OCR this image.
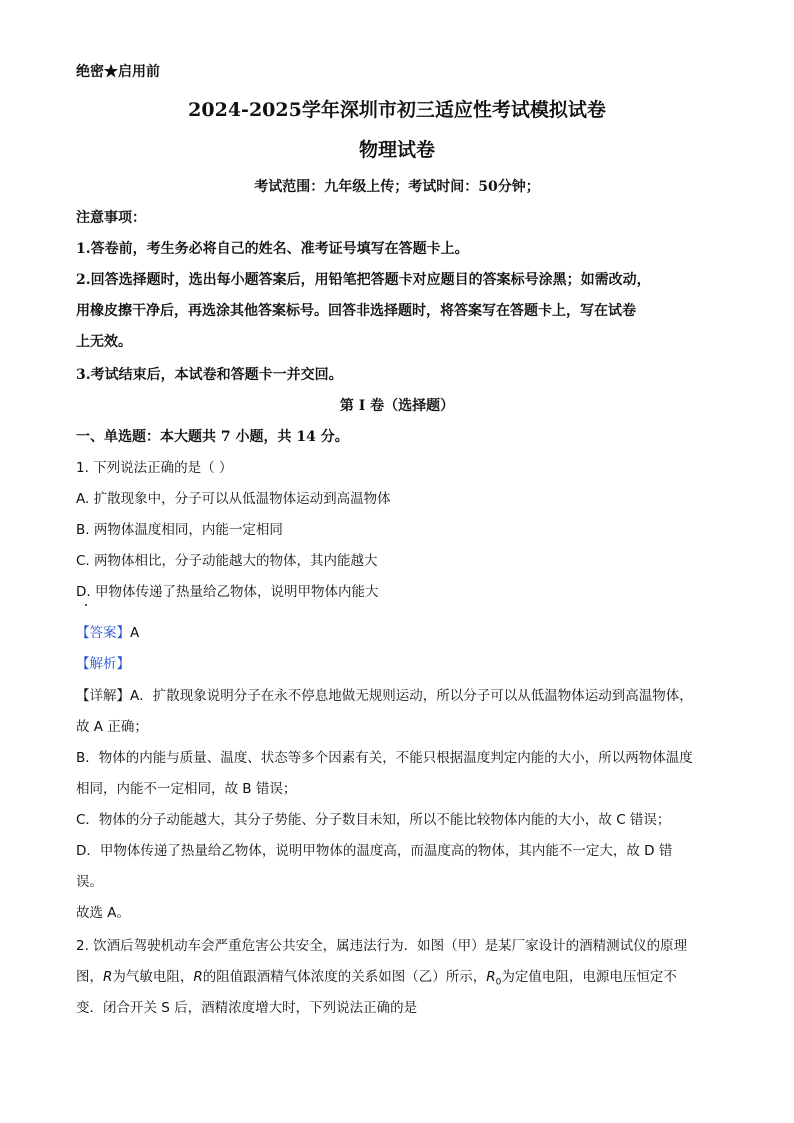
绝密★启用前
2024-2025学年深圳市初三适应性考试模拟试卷
物理试卷
考试范围：九年级上传；考试时间：50分钟；
注意事项：
1.答卷前，考生务必将自己的姓名、准考证号填写在答题卡上。
2.回答选择题时，选出每小题答案后，用铅笔把答题卡对应题目的答案标号涂黑；如需改动，
用橡皮擦干净后，再选涂其他答案标号。回答非选择题时，将答案写在答题卡上，写在试卷
上无效。
3.考试结束后，本试卷和答题卡一并交回。
第 I 卷（选择题）
一、单选题：本大题共 7 小题，共 14 分。
1. 下列说法正确的是（ ）
A. 扩散现象中，分子可以从低温物体运动到高温物体
B. 两物体温度相同，内能一定相同
C. 两物体相比，分子动能越大的物体，其内能越大
D. 甲物体传递了热量给乙物体，说明甲物体内能大
【答案】A
【解析】
【详解】A．扩散现象说明分子在永不停息地做无规则运动，所以分子可以从低温物体运动到高温物体，
故 A 正确；
B．物体的内能与质量、温度、状态等多个因素有关，不能只根据温度判定内能的大小，所以两物体温度
相同，内能不一定相同，故 B 错误；
C．物体的分子动能越大，其分子势能、分子数目未知，所以不能比较物体内能的大小，故 C 错误；
D．甲物体传递了热量给乙物体，说明甲物体的温度高，而温度高的物体，其内能不一定大，故 D 错
误。
故选 A。
2. 饮酒后驾驶机动车会严重危害公共安全，属违法行为．如图（甲）是某厂家设计的酒精测试仪的原理
图，R为气敏电阻，R的阻值跟酒精气体浓度的关系如图（乙）所示，$R_0$为定值电阻，电源电压恒定不
变．闭合开关 S 后，酒精浓度增大时，下列说法正确的是
